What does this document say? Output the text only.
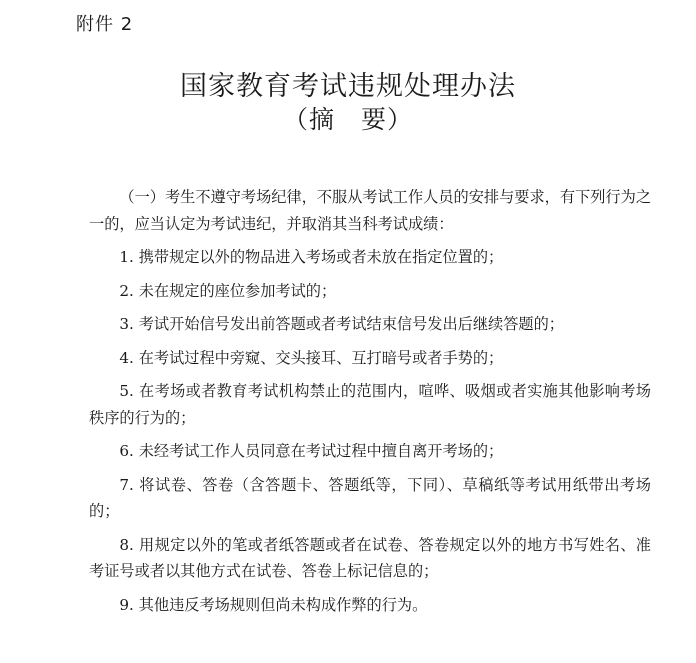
附件 2
国家教育考试违规处理办法
（摘　要）

（一）考生不遵守考场纪律，不服从考试工作人员的安排与要求，有下列行为之一的，应当认定为考试违纪，并取消其当科考试成绩：

1. 携带规定以外的物品进入考场或者未放在指定位置的；

2. 未在规定的座位参加考试的；

3. 考试开始信号发出前答题或者考试结束信号发出后继续答题的；

4. 在考试过程中旁窥、交头接耳、互打暗号或者手势的；

5. 在考场或者教育考试机构禁止的范围内，喧哗、吸烟或者实施其他影响考场秩序的行为的；

6. 未经考试工作人员同意在考试过程中擅自离开考场的；

7. 将试卷、答卷（含答题卡、答题纸等，下同）、草稿纸等考试用纸带出考场的；

8. 用规定以外的笔或者纸答题或者在试卷、答卷规定以外的地方书写姓名、准考证号或者以其他方式在试卷、答卷上标记信息的；

9. 其他违反考场规则但尚未构成作弊的行为。
